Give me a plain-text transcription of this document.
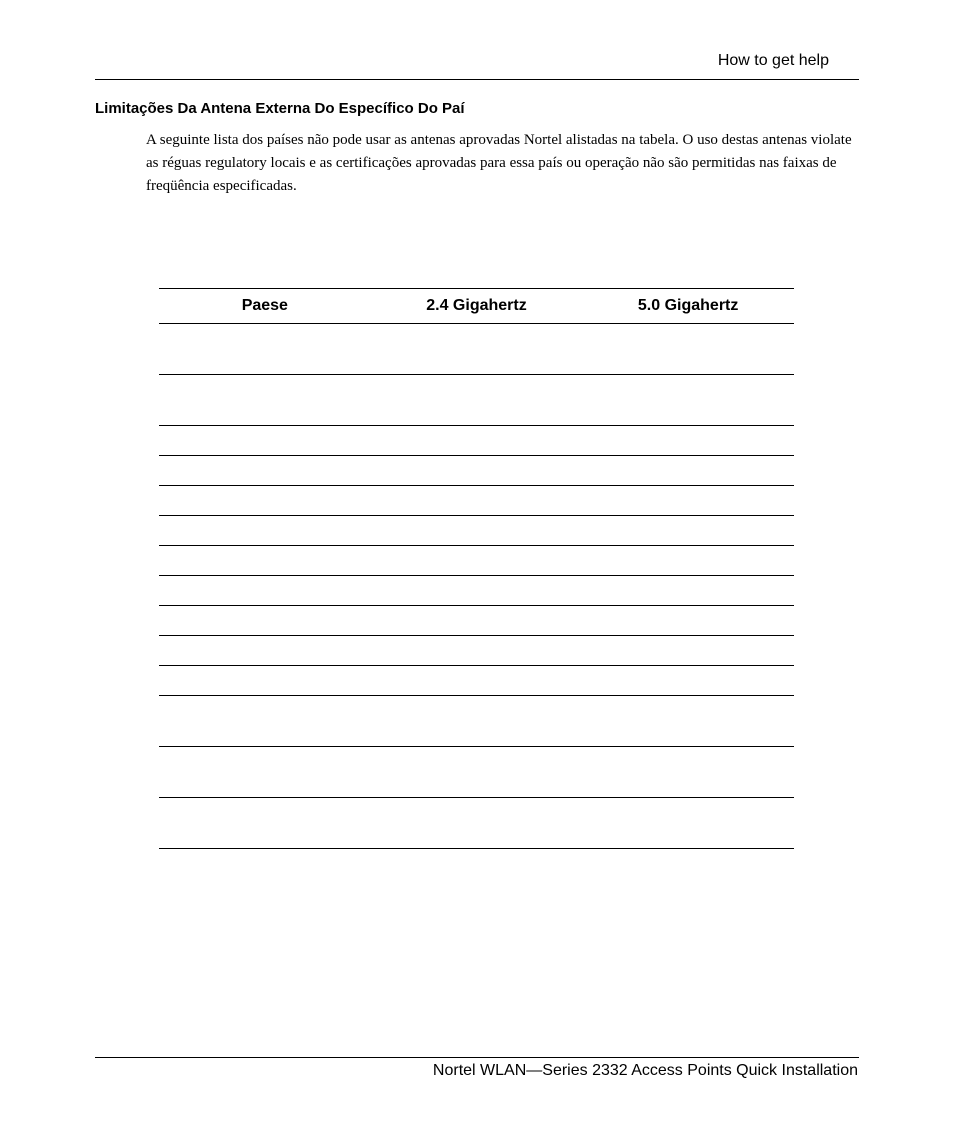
How to get help
Limitações Da Antena Externa Do Específico Do Paí

A seguinte lista dos países não pode usar as antenas aprovadas Nortel alistadas na tabela. O uso destas antenas violate as réguas regulatory locais e as certificações aprovadas para essa país ou operação não são permitidas nas faixas de freqüência especificadas.

Paese	2.4 Gigahertz	5.0 Gigahertz

Nortel WLAN—Series 2332 Access Points Quick Installation
